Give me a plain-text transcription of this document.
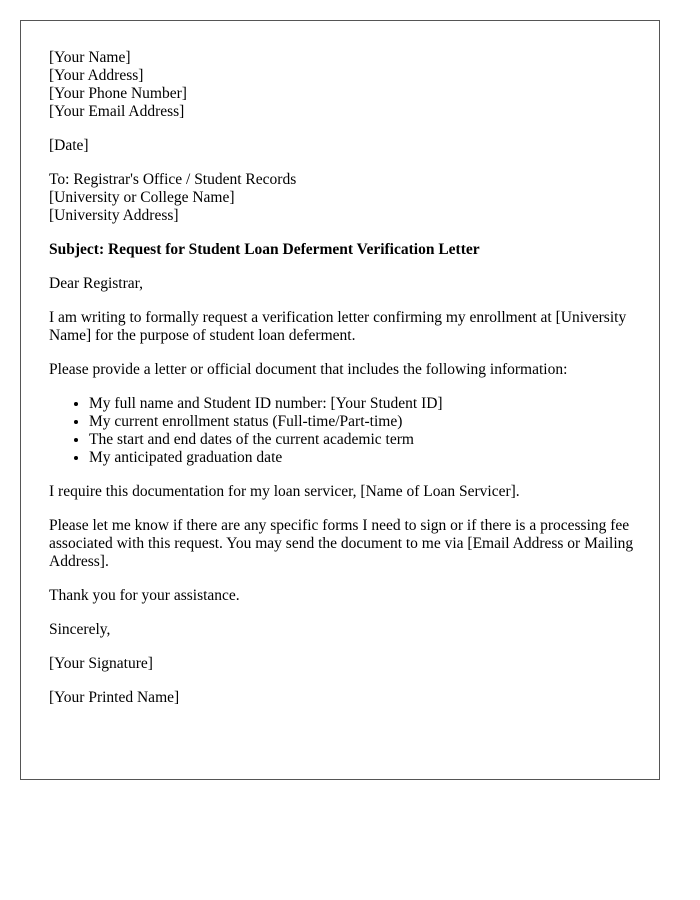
[Your Name]
[Your Address]
[Your Phone Number]
[Your Email Address]

[Date]

To: Registrar's Office / Student Records
[University or College Name]
[University Address]

Subject: Request for Student Loan Deferment Verification Letter

Dear Registrar,

I am writing to formally request a verification letter confirming my enrollment at [University Name] for the purpose of student loan deferment.

Please provide a letter or official document that includes the following information:

• My full name and Student ID number: [Your Student ID]
• My current enrollment status (Full-time/Part-time)
• The start and end dates of the current academic term
• My anticipated graduation date

I require this documentation for my loan servicer, [Name of Loan Servicer].

Please let me know if there are any specific forms I need to sign or if there is a processing fee associated with this request. You may send the document to me via [Email Address or Mailing Address].

Thank you for your assistance.

Sincerely,

[Your Signature]

[Your Printed Name]
